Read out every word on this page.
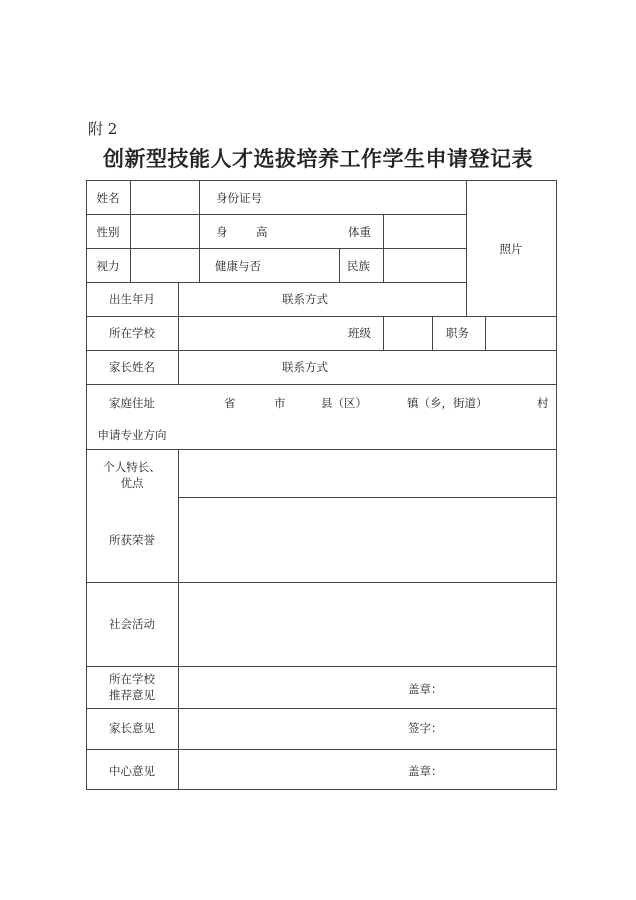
附 2
创新型技能人才选拔培养工作学生申请登记表
姓名	身份证号
照片
性别	身 高	体重
视力	健康与否	民族
出生年月	联系方式
所在学校	班级	职务
家长姓名	联系方式
家庭住址	省	市	县（区）	镇（乡，街道）	村
申请专业方向
个人特长、优点
所获荣誉
社会活动
所在学校推荐意见	盖章：
家长意见	签字：
中心意见	盖章：
